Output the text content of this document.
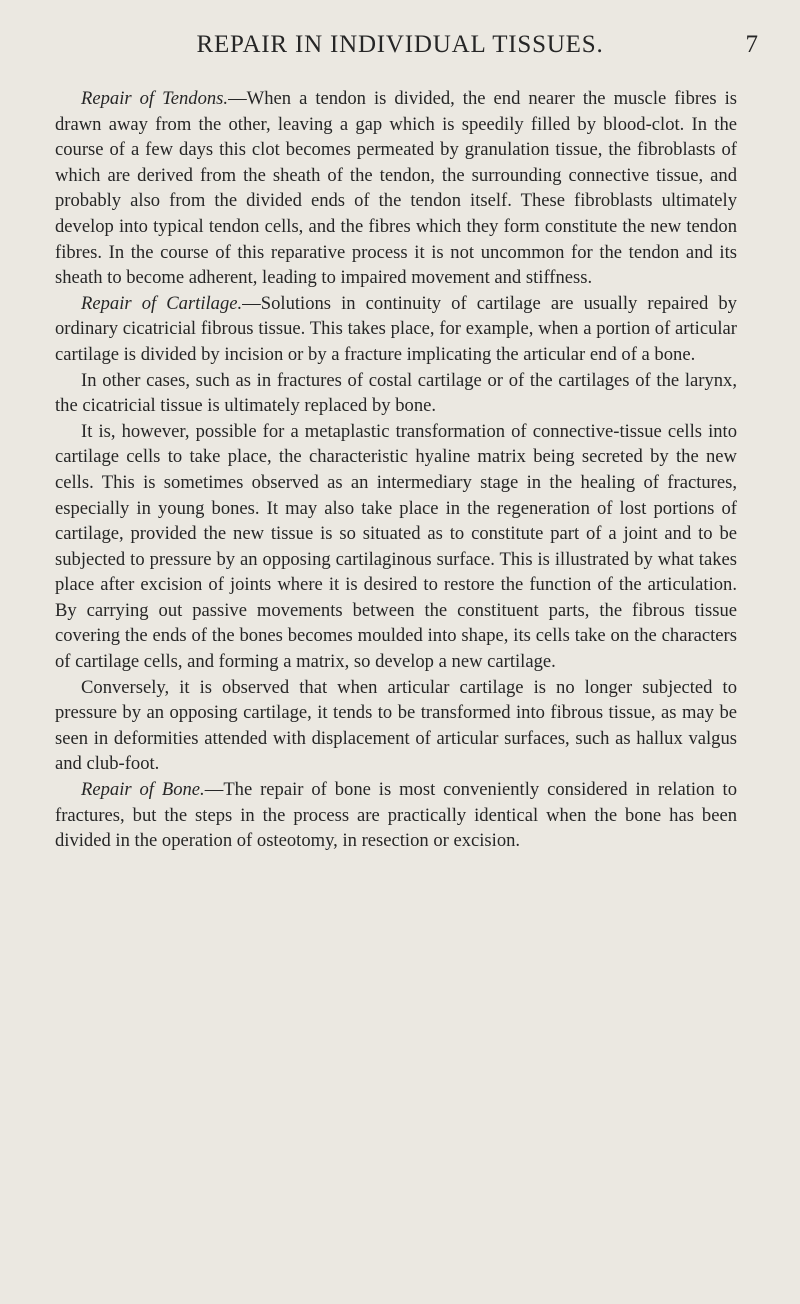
REPAIR IN INDIVIDUAL TISSUES.	7

Repair of Tendons.—When a tendon is divided, the end nearer the muscle fibres is drawn away from the other, leaving a gap which is speedily filled by blood-clot. In the course of a few days this clot becomes permeated by granulation tissue, the fibroblasts of which are derived from the sheath of the tendon, the surrounding connective tissue, and probably also from the divided ends of the tendon itself. These fibroblasts ultimately develop into typical tendon cells, and the fibres which they form constitute the new tendon fibres. In the course of this reparative process it is not uncommon for the tendon and its sheath to become adherent, leading to impaired movement and stiffness.

Repair of Cartilage.—Solutions in continuity of cartilage are usually repaired by ordinary cicatricial fibrous tissue. This takes place, for example, when a portion of articular cartilage is divided by incision or by a fracture implicating the articular end of a bone.

In other cases, such as in fractures of costal cartilage or of the cartilages of the larynx, the cicatricial tissue is ultimately replaced by bone.

It is, however, possible for a metaplastic transformation of connective-tissue cells into cartilage cells to take place, the characteristic hyaline matrix being secreted by the new cells. This is sometimes observed as an intermediary stage in the healing of fractures, especially in young bones. It may also take place in the regeneration of lost portions of cartilage, provided the new tissue is so situated as to constitute part of a joint and to be subjected to pressure by an opposing cartilaginous surface. This is illustrated by what takes place after excision of joints where it is desired to restore the function of the articulation. By carrying out passive movements between the constituent parts, the fibrous tissue covering the ends of the bones becomes moulded into shape, its cells take on the characters of cartilage cells, and forming a matrix, so develop a new cartilage.

Conversely, it is observed that when articular cartilage is no longer subjected to pressure by an opposing cartilage, it tends to be transformed into fibrous tissue, as may be seen in deformities attended with displacement of articular surfaces, such as hallux valgus and club-foot.

Repair of Bone.—The repair of bone is most conveniently considered in relation to fractures, but the steps in the process are practically identical when the bone has been divided in the operation of osteotomy, in resection or excision.
